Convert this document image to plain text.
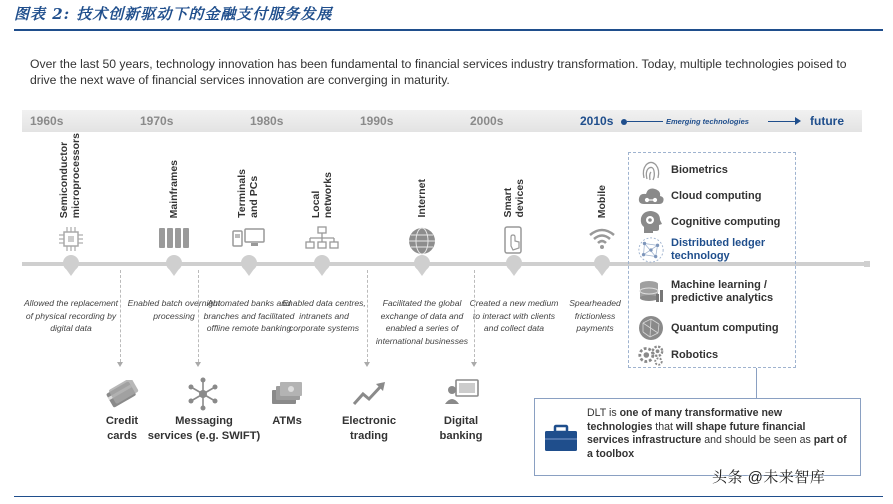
图表 2: 技术创新驱动下的金融支付服务发展
Over the last 50 years, technology innovation has been fundamental to financial services industry transformation. Today, multiple technologies poised to drive the next wave of financial services innovation are converging in maturity.
1960s	1970s	1980s	1990s	2000s	2010s	Emerging technologies	future
Semiconductor
microprocessors	Mainframes	Terminals
and PCs
Local
networks	Internet	Smart
devices	Mobile
Allowed the replacement of physical recording by digital data
Enabled batch overnight processing
Automated banks and branches and facilitated offline remote banking
Enabled data centres, intranets and corporate systems
Facilitated the global exchange of data and enabled a series of international businesses
Created a new medium to interact with clients and collect data
Spearheaded frictionless payments
Credit
cards
Messaging
services (e.g. SWIFT)
ATMs	Electronic
trading
Digital
banking
Biometrics
Cloud computing
Cognitive computing
Distributed ledger
technology
Machine learning /
predictive analytics
Quantum computing
Robotics
DLT is one of many transformative new technologies that will shape future financial services infrastructure and should be seen as part of a toolbox
头条 @未来智库
